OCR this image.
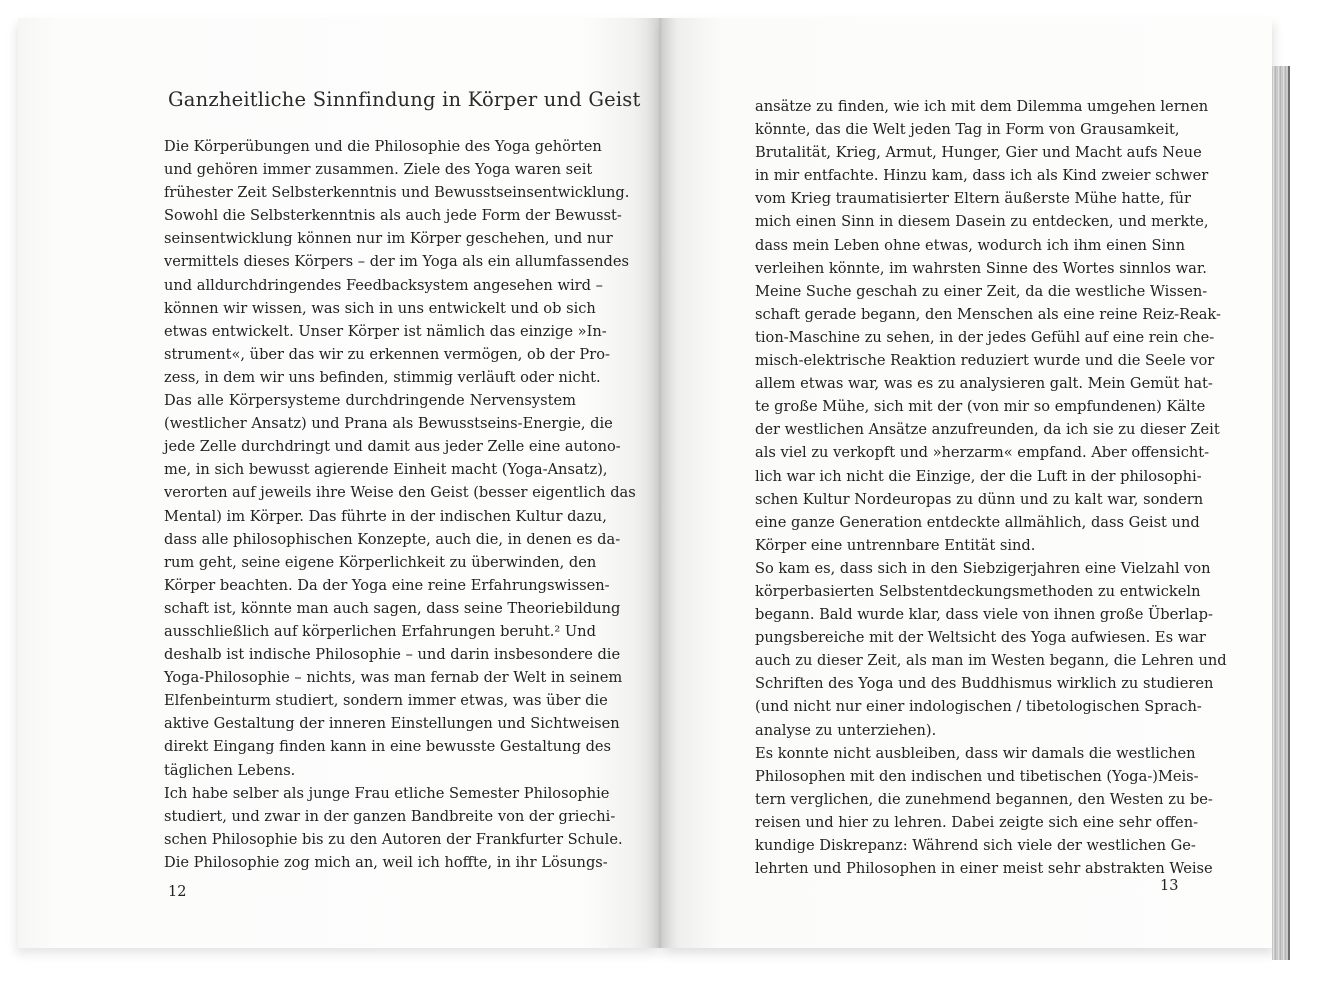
Ganzheitliche Sinnfindung in Körper und Geist
Die Körperübungen und die Philosophie des Yoga gehörten
und gehören immer zusammen. Ziele des Yoga waren seit
frühester Zeit Selbsterkenntnis und Bewusstseinsentwicklung.
Sowohl die Selbsterkenntnis als auch jede Form der Bewusst-
seinsentwicklung können nur im Körper geschehen, und nur
vermittels dieses Körpers – der im Yoga als ein allumfassendes
und alldurchdringendes Feedbacksystem angesehen wird –
können wir wissen, was sich in uns entwickelt und ob sich
etwas entwickelt. Unser Körper ist nämlich das einzige »In-
strument«, über das wir zu erkennen vermögen, ob der Pro-
zess, in dem wir uns befinden, stimmig verläuft oder nicht.
Das alle Körpersysteme durchdringende Nervensystem
(westlicher Ansatz) und Prana als Bewusstseins-Energie, die
jede Zelle durchdringt und damit aus jeder Zelle eine autono-
me, in sich bewusst agierende Einheit macht (Yoga-Ansatz),
verorten auf jeweils ihre Weise den Geist (besser eigentlich das
Mental) im Körper. Das führte in der indischen Kultur dazu,
dass alle philosophischen Konzepte, auch die, in denen es da-
rum geht, seine eigene Körperlichkeit zu überwinden, den
Körper beachten. Da der Yoga eine reine Erfahrungswissen-
schaft ist, könnte man auch sagen, dass seine Theoriebildung
ausschließlich auf körperlichen Erfahrungen beruht.² Und
deshalb ist indische Philosophie – und darin insbesondere die
Yoga-Philosophie – nichts, was man fernab der Welt in seinem
Elfenbeinturm studiert, sondern immer etwas, was über die
aktive Gestaltung der inneren Einstellungen und Sichtweisen
direkt Eingang finden kann in eine bewusste Gestaltung des
täglichen Lebens.
Ich habe selber als junge Frau etliche Semester Philosophie
studiert, und zwar in der ganzen Bandbreite von der griechi-
schen Philosophie bis zu den Autoren der Frankfurter Schule.
Die Philosophie zog mich an, weil ich hoffte, in ihr Lösungs-
12
ansätze zu finden, wie ich mit dem Dilemma umgehen lernen
könnte, das die Welt jeden Tag in Form von Grausamkeit,
Brutalität, Krieg, Armut, Hunger, Gier und Macht aufs Neue
in mir entfachte. Hinzu kam, dass ich als Kind zweier schwer
vom Krieg traumatisierter Eltern äußerste Mühe hatte, für
mich einen Sinn in diesem Dasein zu entdecken, und merkte,
dass mein Leben ohne etwas, wodurch ich ihm einen Sinn
verleihen könnte, im wahrsten Sinne des Wortes sinnlos war.
Meine Suche geschah zu einer Zeit, da die westliche Wissen-
schaft gerade begann, den Menschen als eine reine Reiz-Reak-
tion-Maschine zu sehen, in der jedes Gefühl auf eine rein che-
misch-elektrische Reaktion reduziert wurde und die Seele vor
allem etwas war, was es zu analysieren galt. Mein Gemüt hat-
te große Mühe, sich mit der (von mir so empfundenen) Kälte
der westlichen Ansätze anzufreunden, da ich sie zu dieser Zeit
als viel zu verkopft und »herzarm« empfand. Aber offensicht-
lich war ich nicht die Einzige, der die Luft in der philosophi-
schen Kultur Nordeuropas zu dünn und zu kalt war, sondern
eine ganze Generation entdeckte allmählich, dass Geist und
Körper eine untrennbare Entität sind.
So kam es, dass sich in den Siebzigerjahren eine Vielzahl von
körperbasierten Selbstentdeckungsmethoden zu entwickeln
begann. Bald wurde klar, dass viele von ihnen große Überlap-
pungsbereiche mit der Weltsicht des Yoga aufwiesen. Es war
auch zu dieser Zeit, als man im Westen begann, die Lehren und
Schriften des Yoga und des Buddhismus wirklich zu studieren
(und nicht nur einer indologischen / tibetologischen Sprach-
analyse zu unterziehen).
Es konnte nicht ausbleiben, dass wir damals die westlichen
Philosophen mit den indischen und tibetischen (Yoga-)Meis-
tern verglichen, die zunehmend begannen, den Westen zu be-
reisen und hier zu lehren. Dabei zeigte sich eine sehr offen-
kundige Diskrepanz: Während sich viele der westlichen Ge-
lehrten und Philosophen in einer meist sehr abstrakten Weise
13
